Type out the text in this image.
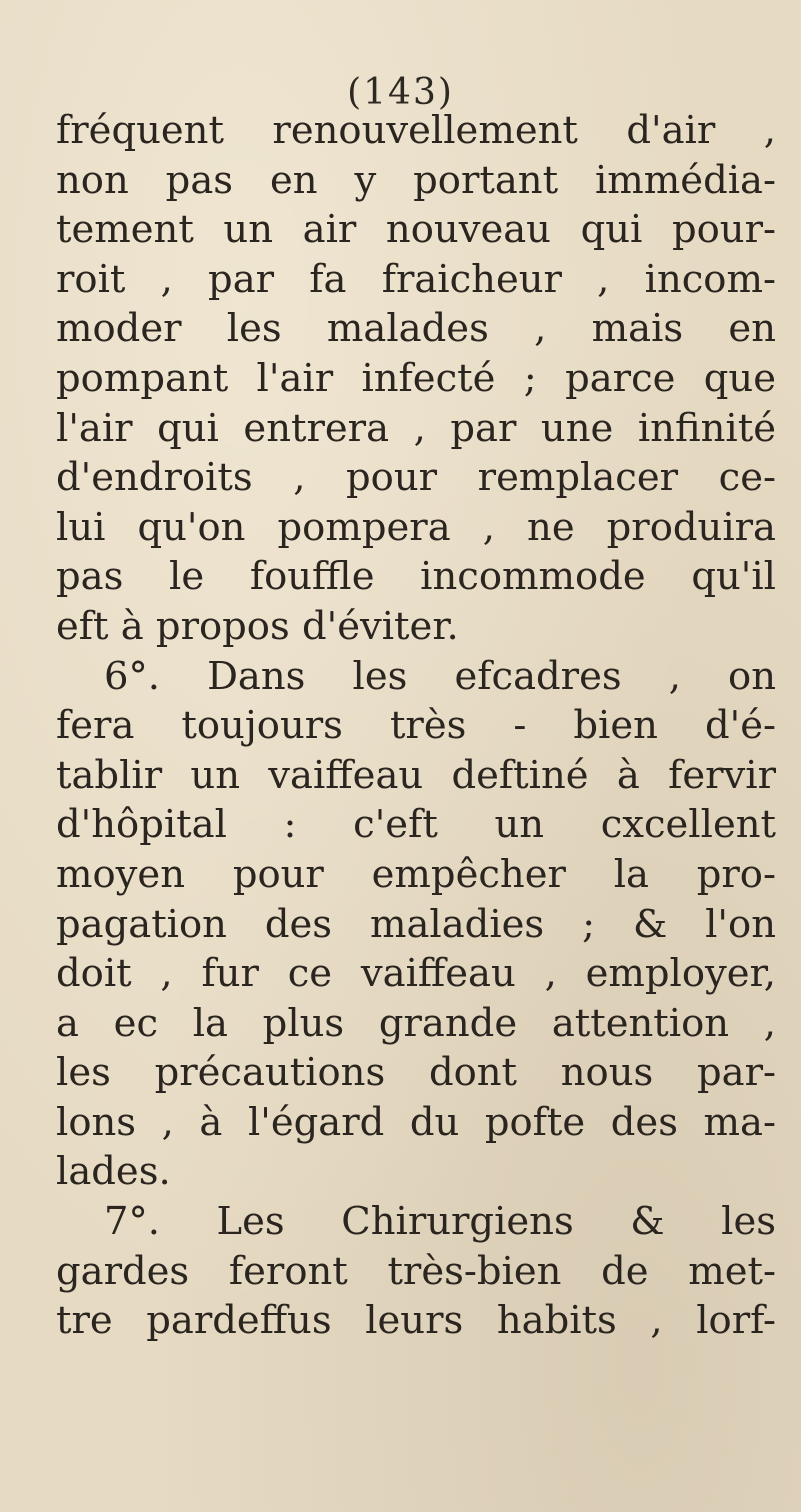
(143)
fréquent renouvellement d'air ,
non pas en y portant immédia-
tement un air nouveau qui pour-
roit , par fa fraicheur , incom-
moder les malades , mais en
pompant l'air infecté ; parce que
l'air qui entrera , par une infinité
d'endroits , pour remplacer ce-
lui qu'on pompera , ne produira
pas le fouffle incommode qu'il
eft à propos d'éviter.
6°. Dans les efcadres , on
fera toujours très - bien d'é-
tablir un vaiffeau deftiné à fervir
d'hôpital : c'eft un cxcellent
moyen pour empêcher la pro-
pagation des maladies ; & l'on
doit , fur ce vaiffeau , employer,
a ec la plus grande attention ,
les précautions dont nous par-
lons , à l'égard du pofte des ma-
lades.
7°. Les Chirurgiens & les
gardes feront très-bien de met-
tre pardeffus leurs habits , lorf-
